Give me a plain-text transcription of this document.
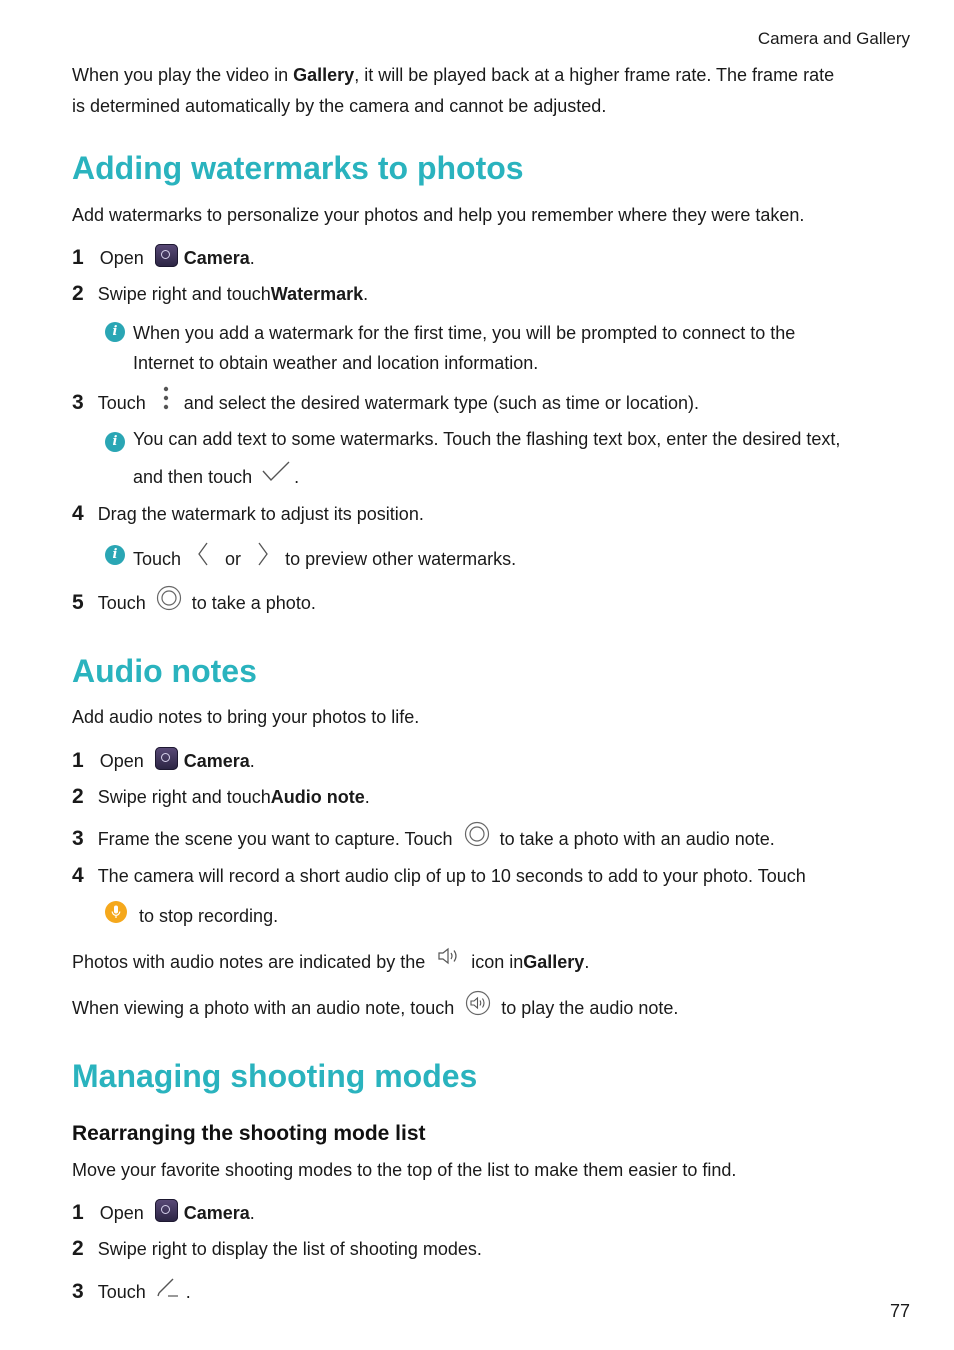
Camera and Gallery
When you play the video in Gallery, it will be played back at a higher frame rate. The frame rate
is determined automatically by the camera and cannot be adjusted.
Adding watermarks to photos
Add watermarks to personalize your photos and help you remember where they were taken.
1 Open Camera .
2 Swipe right and touch Watermark .
i When you add a watermark for the first time, you will be prompted to connect to the
Internet to obtain weather and location information.
3 Touch and select the desired watermark type (such as time or location).
i You can add text to some watermarks. Touch the flashing text box, enter the desired text,
and then touch .
4 Drag the watermark to adjust its position.
i Touch or to preview other watermarks.
5 Touch	to take a photo.
Audio notes
Add audio notes to bring your photos to life.
1 Open Camera .
2 Swipe right and touch Audio note .
3 Frame the scene you want to capture. Touch	to take a photo with an audio note.
4 The camera will record a short audio clip of up to 10 seconds to add to your photo. Touch
to stop recording.
Photos with audio notes are indicated by the	icon in Gallery .
When viewing a photo with an audio note, touch	to play the audio note.
Managing shooting modes
Rearranging the shooting mode list
Move your favorite shooting modes to the top of the list to make them easier to find.
1 Open Camera .
2 Swipe right to display the list of shooting modes.
3 Touch .
77
